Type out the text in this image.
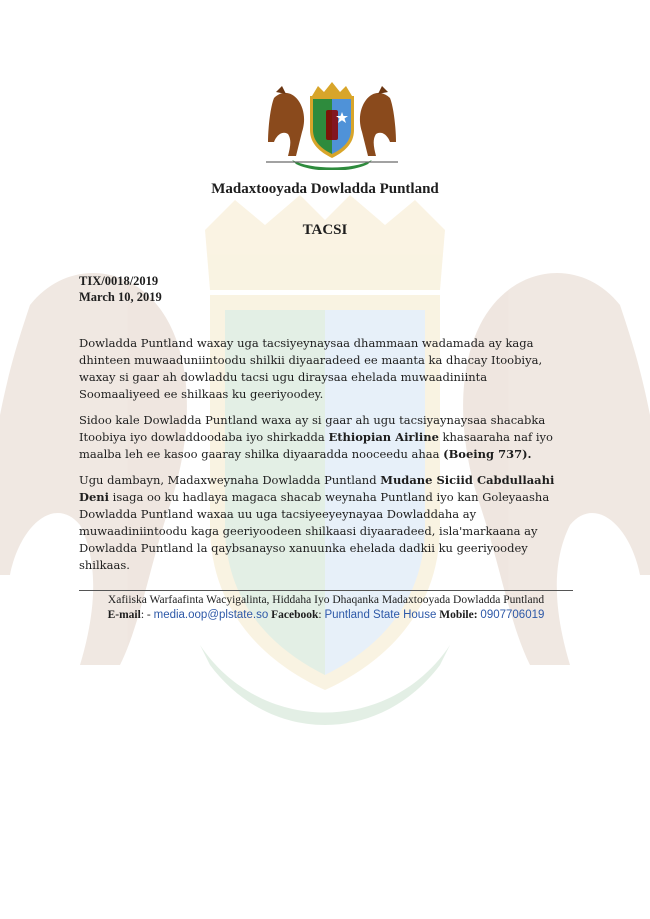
Madaxtooyada Dowladda Puntland
TACSI
TIX/0018/2019
March 10, 2019

Dowladda Puntland waxay uga tacsiyeynaysaa dhammaan wadamada ay kaga dhinteen muwaaduniintoodu shilkii diyaaradeed ee maanta ka dhacay Itoobiya, waxay si gaar ah dowladdu tacsi ugu diraysaa ehelada muwaadiniinta Soomaaliyeed ee shilkaas ku geeriyoodey.

Sidoo kale Dowladda Puntland waxa ay si gaar ah ugu tacsiyaynaysaa shacabka Itoobiya iyo dowladdoodaba iyo shirkadda Ethiopian Airline khasaaraha naf iyo maalba leh ee kasoo gaaray shilka diyaaradda nooceedu ahaa (Boeing 737).

Ugu dambayn, Madaxweynaha Dowladda Puntland Mudane Siciid Cabdullaahi Deni isaga oo ku hadlaya magaca shacab weynaha Puntland iyo kan Goleyaasha Dowladda Puntland waxaa uu uga tacsiyeeyeynayaa Dowladdaha ay muwaadiniintoodu kaga geeriyoodeen shilkaasi diyaaradeed, isla'markaana ay Dowladda Puntland la qaybsanayso xanuunka ehelada dadkii ku geeriyoodey shilkaas.

Xafiiska Warfaafinta Wacyigalinta, Hiddaha Iyo Dhaqanka Madaxtooyada Dowladda Puntland
E-mail: - media.oop@plstate.so Facebook: Puntland State House Mobile: 0907706019
